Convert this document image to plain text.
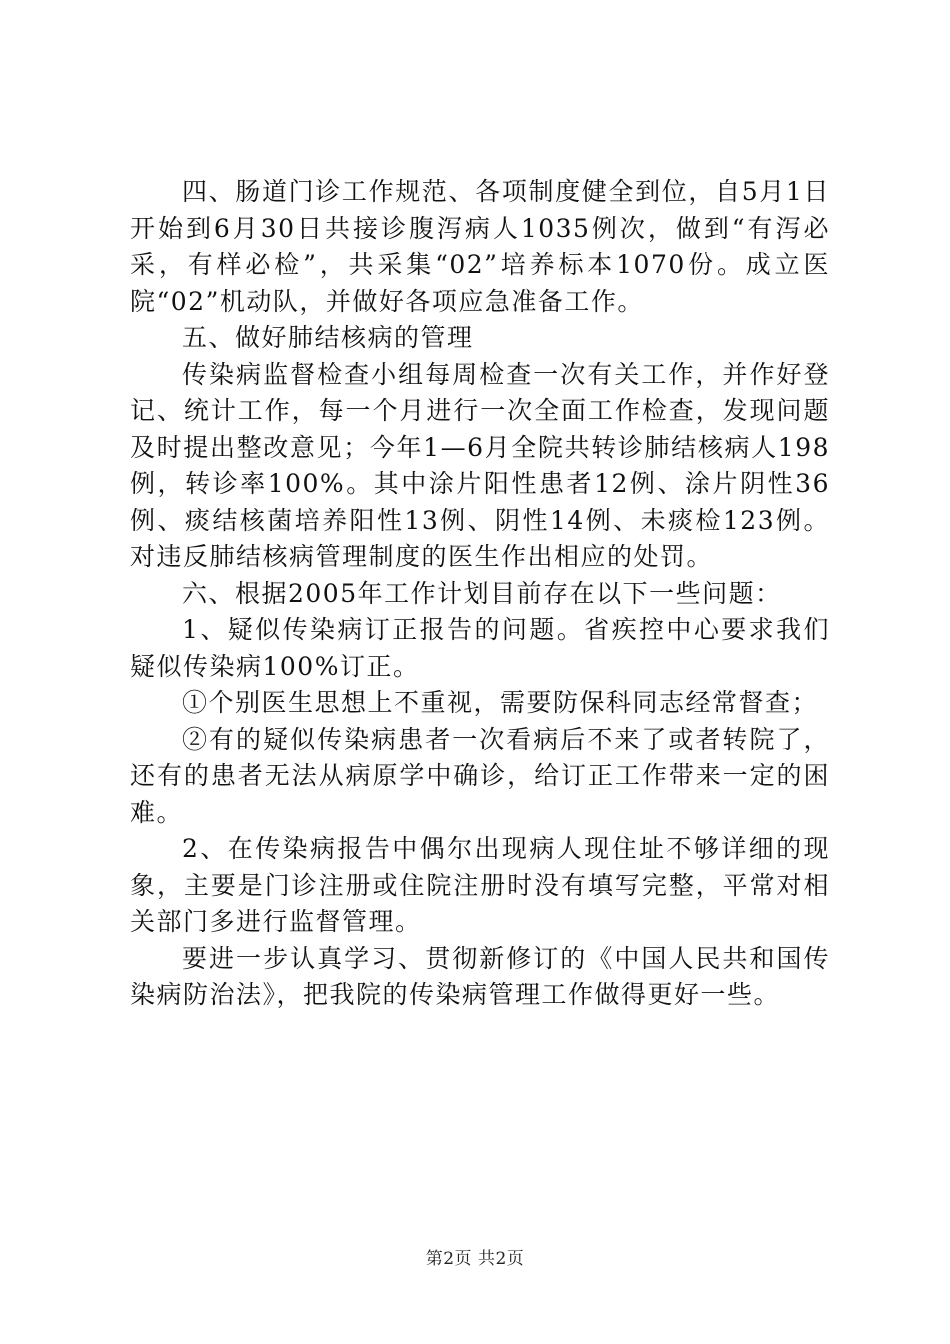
四、肠道门诊工作规范、各项制度健全到位，自5月1日开始到6月30日共接诊腹泻病人1035例次，做到“有泻必采，有样必检”，共采集“02”培养标本1070份。成立医院“02”机动队，并做好各项应急准备工作。

五、做好肺结核病的管理

传染病监督检查小组每周检查一次有关工作，并作好登记、统计工作，每一个月进行一次全面工作检查，发现问题及时提出整改意见；今年1—6月全院共转诊肺结核病人198例，转诊率100%。其中涂片阳性患者12例、涂片阴性36例、痰结核菌培养阳性13例、阴性14例、未痰检123例。对违反肺结核病管理制度的医生作出相应的处罚。

六、根据2005年工作计划目前存在以下一些问题：

1、疑似传染病订正报告的问题。省疾控中心要求我们疑似传染病100%订正。

①个别医生思想上不重视，需要防保科同志经常督查；

②有的疑似传染病患者一次看病后不来了或者转院了，还有的患者无法从病原学中确诊，给订正工作带来一定的困难。

2、在传染病报告中偶尔出现病人现住址不够详细的现象，主要是门诊注册或住院注册时没有填写完整，平常对相关部门多进行监督管理。

要进一步认真学习、贯彻新修订的《中国人民共和国传染病防治法》，把我院的传染病管理工作做得更好一些。

第2页 共2页
